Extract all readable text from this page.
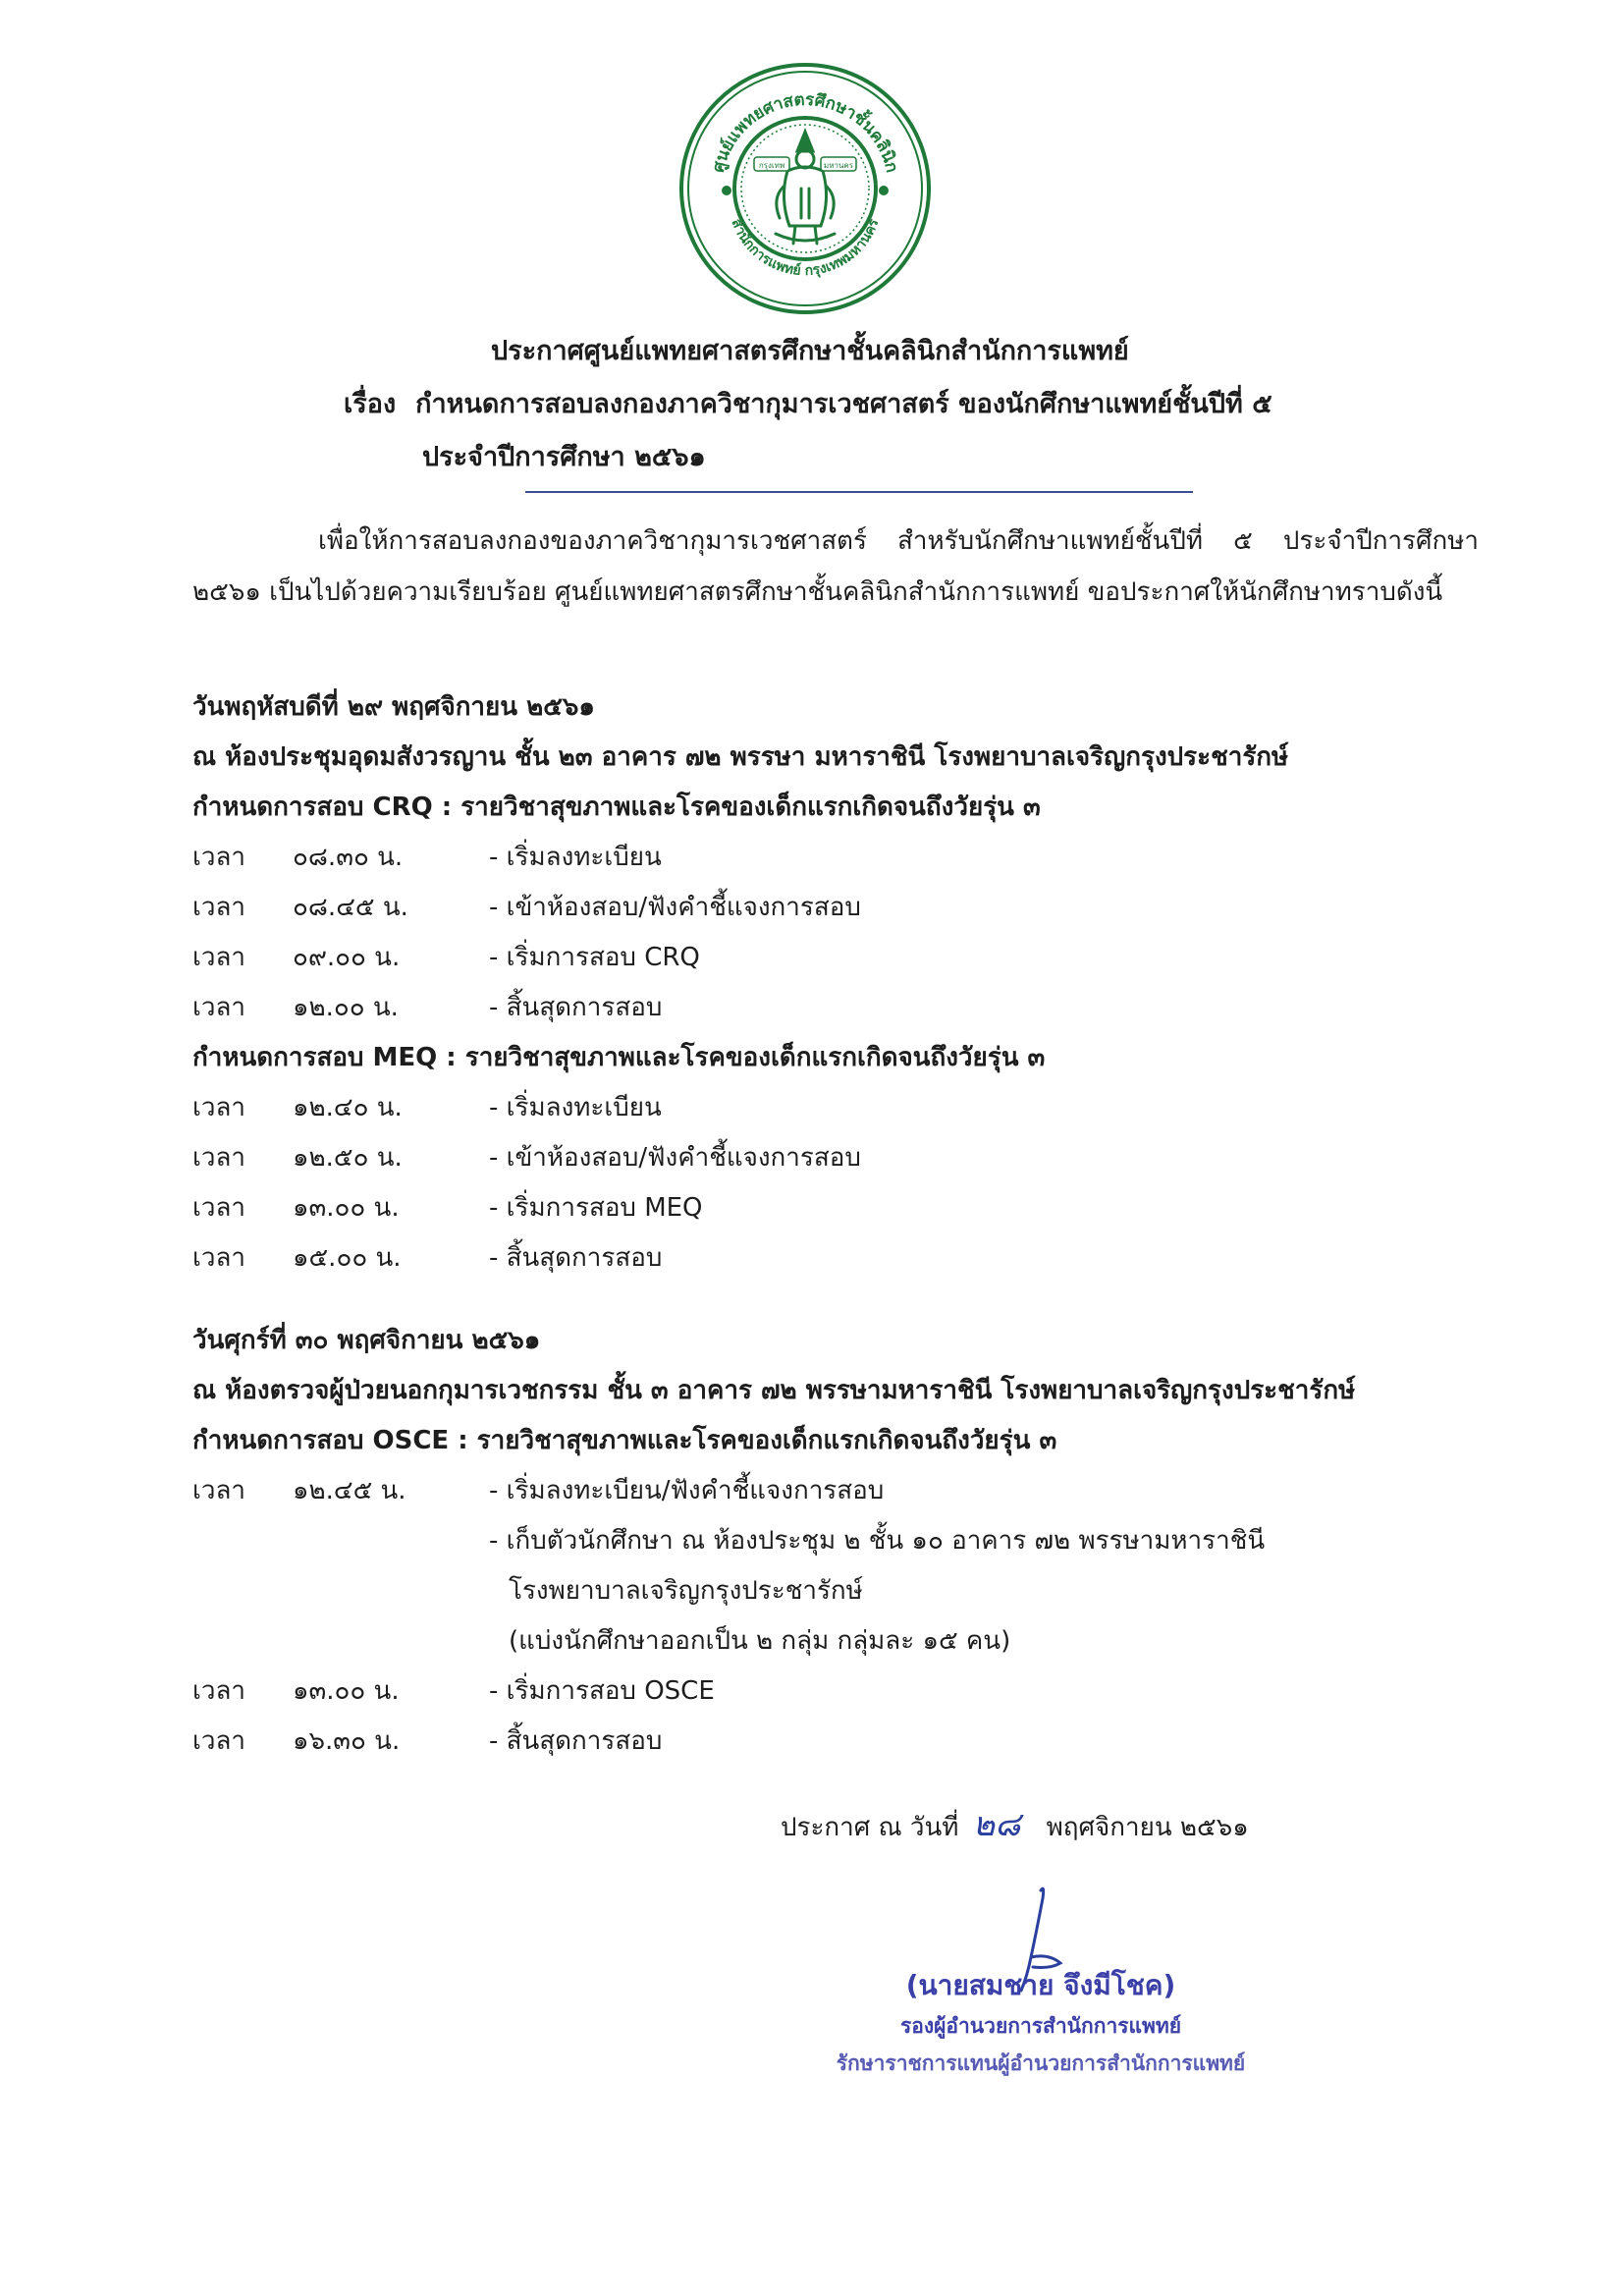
ศูนย์แพทยศาสตรศึกษาชั้นคลินิก
สำนักการแพทย์ กรุงเทพมหานคร
กรุงเทพ	มหานคร
ประกาศศูนย์แพทยศาสตรศึกษาชั้นคลินิกสำนักการแพทย์
เรื่อง กำหนดการสอบลงกองภาควิชากุมารเวชศาสตร์ ของนักศึกษาแพทย์ชั้นปีที่ ๕
ประจำปีการศึกษา ๒๕๖๑

เพื่อให้การสอบลงกองของภาควิชากุมารเวชศาสตร์ สำหรับนักศึกษาแพทย์ชั้นปีที่ ๕ ประจำปีการศึกษา ๒๕๖๑ เป็นไปด้วยความเรียบร้อย ศูนย์แพทยศาสตรศึกษาชั้นคลินิกสำนักการแพทย์ ขอประกาศให้นักศึกษาทราบดังนี้

วันพฤหัสบดีที่ ๒๙ พฤศจิกายน ๒๕๖๑
ณ ห้องประชุมอุดมสังวรญาน ชั้น ๒๓ อาคาร ๗๒ พรรษา มหาราชินี โรงพยาบาลเจริญกรุงประชารักษ์
กำหนดการสอบ CRQ : รายวิชาสุขภาพและโรคของเด็กแรกเกิดจนถึงวัยรุ่น ๓
เวลา ๐๘.๓๐ น.	- เริ่มลงทะเบียน
เวลา ๐๘.๔๕ น.	- เข้าห้องสอบ/ฟังคำชี้แจงการสอบ
เวลา ๐๙.๐๐ น.	- เริ่มการสอบ CRQ
เวลา ๑๒.๐๐ น.	- สิ้นสุดการสอบ
กำหนดการสอบ MEQ : รายวิชาสุขภาพและโรคของเด็กแรกเกิดจนถึงวัยรุ่น ๓
เวลา ๑๒.๔๐ น.	- เริ่มลงทะเบียน
เวลา ๑๒.๕๐ น.	- เข้าห้องสอบ/ฟังคำชี้แจงการสอบ
เวลา ๑๓.๐๐ น.	- เริ่มการสอบ MEQ
เวลา ๑๕.๐๐ น.	- สิ้นสุดการสอบ
วันศุกร์ที่ ๓๐ พฤศจิกายน ๒๕๖๑
ณ ห้องตรวจผู้ป่วยนอกกุมารเวชกรรม ชั้น ๓ อาคาร ๗๒ พรรษามหาราชินี โรงพยาบาลเจริญกรุงประชารักษ์
กำหนดการสอบ OSCE : รายวิชาสุขภาพและโรคของเด็กแรกเกิดจนถึงวัยรุ่น ๓
เวลา ๑๒.๔๕ น.	- เริ่มลงทะเบียน/ฟังคำชี้แจงการสอบ
- เก็บตัวนักศึกษา ณ ห้องประชุม ๒ ชั้น ๑๐ อาคาร ๗๒ พรรษามหาราชินี
โรงพยาบาลเจริญกรุงประชารักษ์
(แบ่งนักศึกษาออกเป็น ๒ กลุ่ม กลุ่มละ ๑๕ คน)
เวลา ๑๓.๐๐ น.	- เริ่มการสอบ OSCE
เวลา ๑๖.๓๐ น.	- สิ้นสุดการสอบ
ประกาศ ณ วันที่ ๒๘ พฤศจิกายน ๒๕๖๑
(นายสมชาย จึงมีโชค)
รองผู้อำนวยการสำนักการแพทย์
รักษาราชการแทนผู้อำนวยการสำนักการแพทย์
